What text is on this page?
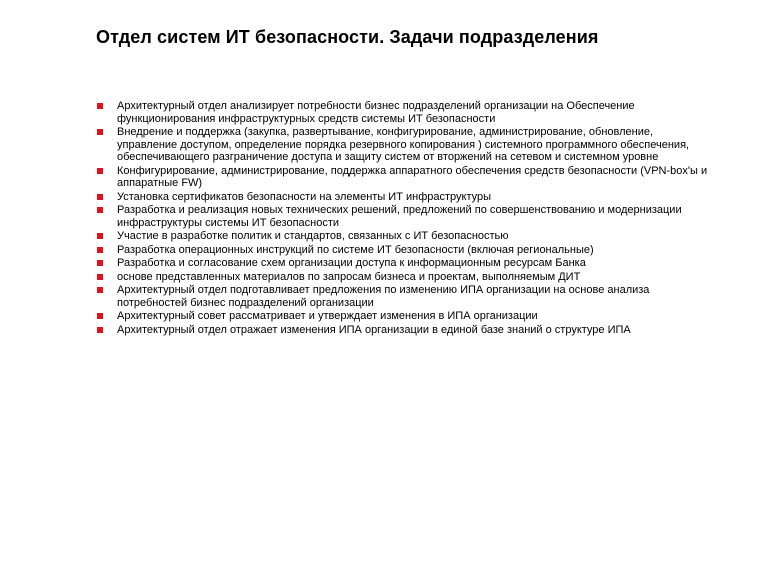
Отдел систем ИТ безопасности. Задачи подразделения
Архитектурный отдел анализирует потребности бизнес подразделений организации на Обеспечение функционирования инфраструктурных средств системы ИТ безопасности
Внедрение и поддержка (закупка, развертывание, конфигурирование, администрирование, обновление, управление доступом, определение порядка резервного копирования ) системного программного обеспечения, обеспечивающего разграничение доступа и защиту систем от вторжений на сетевом и системном уровне
Конфигурирование, администрирование, поддержка аппаратного обеспечения средств безопасности (VPN-box'ы и аппаратные FW)
Установка сертификатов безопасности на элементы ИТ инфраструктуры
Разработка и реализация новых технических решений, предложений по совершенствованию и модернизации инфраструктуры системы ИТ безопасности
Участие в разработке политик и стандартов, связанных с ИТ безопасностью
Разработка операционных инструкций по системе ИТ безопасности (включая региональные)
Разработка и согласование схем организации доступа к информационным ресурсам Банка
основе представленных материалов по запросам бизнеса и проектам, выполняемым ДИТ
Архитектурный отдел подготавливает предложения по изменению ИПА организации на основе анализа потребностей бизнес подразделений организации
Архитектурный совет рассматривает и утверждает изменения в ИПА организации
Архитектурный отдел отражает изменения ИПА организации в единой базе знаний о структуре ИПА
